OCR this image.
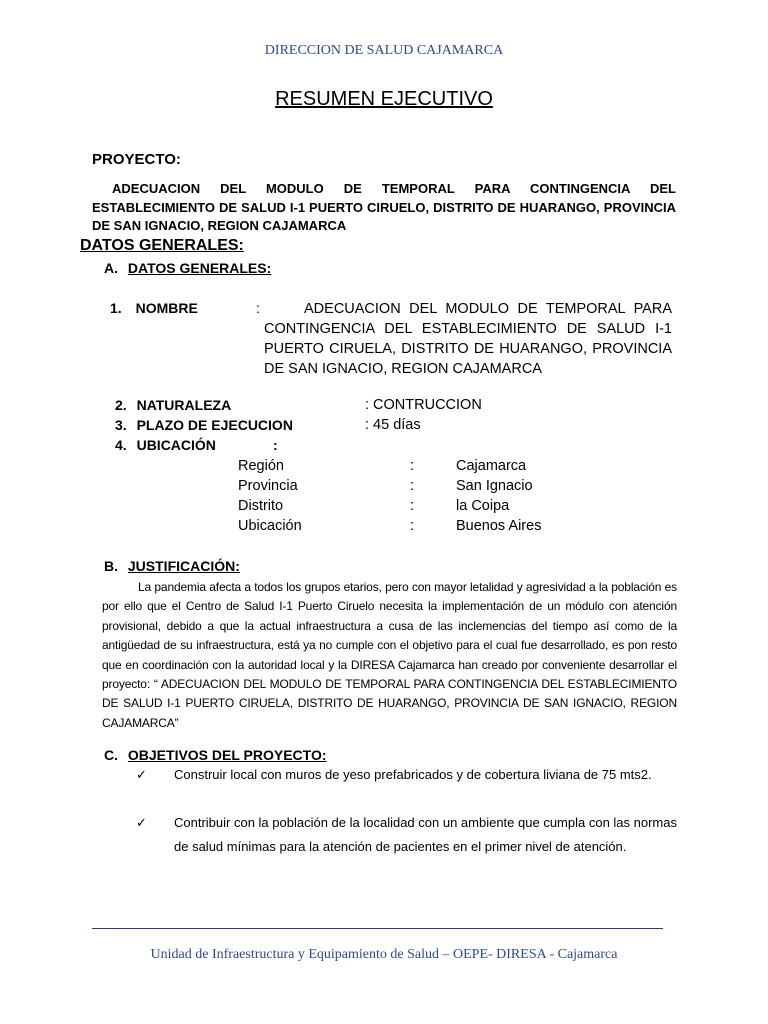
DIRECCION DE SALUD CAJAMARCA
RESUMEN EJECUTIVO
PROYECTO:
ADECUACION DEL MODULO DE TEMPORAL PARA CONTINGENCIA DEL ESTABLECIMIENTO DE SALUD I-1 PUERTO CIRUELO, DISTRITO DE HUARANGO, PROVINCIA DE SAN IGNACIO, REGION CAJAMARCA
DATOS GENERALES:
A. DATOS GENERALES:
1. NOMBRE	:	ADECUACION DEL MODULO DE TEMPORAL PARA CONTINGENCIA DEL ESTABLECIMIENTO DE SALUD I-1 PUERTO CIRUELA, DISTRITO DE HUARANGO, PROVINCIA DE SAN IGNACIO, REGION CAJAMARCA
2. NATURALEZA	: CONTRUCCION
3. PLAZO DE EJECUCION	: 45 días
4. UBICACIÓN	:
Región	:	Cajamarca
Provincia	:	San Ignacio
Distrito	:	la Coipa
Ubicación	:	Buenos Aires
B. JUSTIFICACIÓN:
La pandemia afecta a todos los grupos etarios, pero con mayor letalidad y agresividad a la población es por ello que el Centro de Salud I-1 Puerto Ciruelo necesita la implementación de un módulo con atención provisional, debido a que la actual infraestructura a cusa de las inclemencias del tiempo así como de la antigüedad de su infraestructura, está ya no cumple con el objetivo para el cual fue desarrollado, es pon resto que en coordinación con la autoridad local y la DIRESA Cajamarca han creado por conveniente desarrollar el proyecto: “ ADECUACION DEL MODULO DE TEMPORAL PARA CONTINGENCIA DEL ESTABLECIMIENTO DE SALUD I-1 PUERTO CIRUELA, DISTRITO DE HUARANGO, PROVINCIA DE SAN IGNACIO, REGION CAJAMARCA”
C. OBJETIVOS DEL PROYECTO:
✓ Construir local con muros de yeso prefabricados y de cobertura liviana de 75 mts2.
✓ Contribuir con la población de la localidad con un ambiente que cumpla con las normas de salud mínimas para la atención de pacientes en el primer nivel de atención.
Unidad de Infraestructura y Equipamiento de Salud – OEPE- DIRESA - Cajamarca
